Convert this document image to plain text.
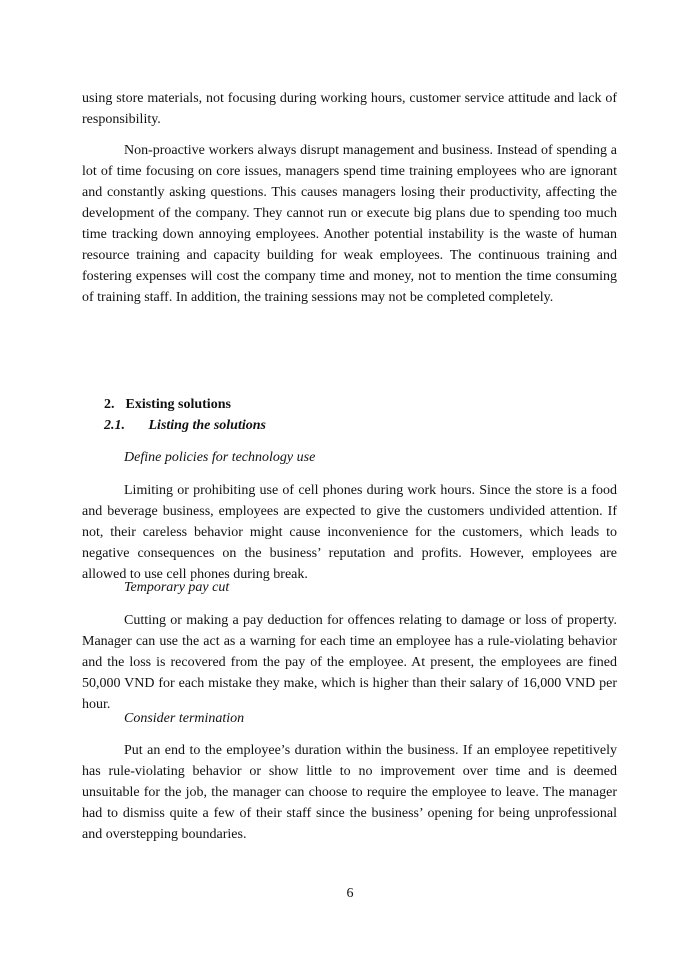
using store materials, not focusing during working hours, customer service attitude and lack of responsibility.

Non-proactive workers always disrupt management and business. Instead of spending a lot of time focusing on core issues, managers spend time training employees who are ignorant and constantly asking questions. This causes managers losing their productivity, affecting the development of the company. They cannot run or execute big plans due to spending too much time tracking down annoying employees. Another potential instability is the waste of human resource training and capacity building for weak employees. The continuous training and fostering expenses will cost the company time and money, not to mention the time consuming of training staff. In addition, the training sessions may not be completed completely.

2. Existing solutions
2.1. Listing the solutions

Define policies for technology use

Limiting or prohibiting use of cell phones during work hours. Since the store is a food and beverage business, employees are expected to give the customers undivided attention. If not, their careless behavior might cause inconvenience for the customers, which leads to negative consequences on the business’ reputation and profits. However, employees are allowed to use cell phones during break.

Temporary pay cut

Cutting or making a pay deduction for offences relating to damage or loss of property. Manager can use the act as a warning for each time an employee has a rule-violating behavior and the loss is recovered from the pay of the employee. At present, the employees are fined 50,000 VND for each mistake they make, which is higher than their salary of 16,000 VND per hour.

Consider termination

Put an end to the employee’s duration within the business. If an employee repetitively has rule-violating behavior or show little to no improvement over time and is deemed unsuitable for the job, the manager can choose to require the employee to leave. The manager had to dismiss quite a few of their staff since the business’ opening for being unprofessional and overstepping boundaries.

6
